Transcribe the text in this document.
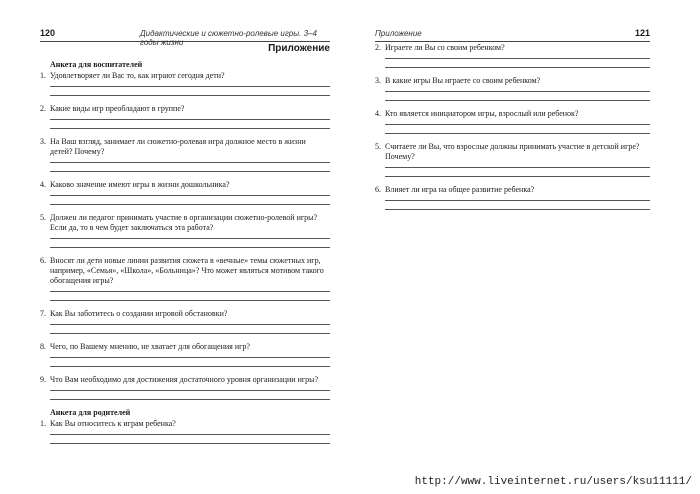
120	Дидактические и сюжетно-ролевые игры. 3–4 годы жизни
Приложение
Анкета для воспитателей
1. Удовлетворяет ли Вас то, как играют сегодня дети?
2. Какие виды игр преобладают в группе?
3. На Ваш взгляд, занимает ли сюжетно-ролевая игра должное место в жизни детей? Почему?
4. Каково значение имеют игры в жизни дошкольника?
5. Должен ли педагог принимать участие в организации сюжетно-ролевой игры? Если да, то в чем будет заключаться эта работа?
6. Вносят ли дети новые линии развития сюжета в «вечные» темы сюжетных игр, например, «Семья», «Школа», «Больница»? Что может являться мотивом такого обогащения игры?
7. Как Вы заботитесь о создании игровой обстановки?
8. Чего, по Вашему мнению, не хватает для обогащения игр?
9. Что Вам необходимо для достижения достаточного уровня организации игры?
Анкета для родителей
1. Как Вы относитесь к играм ребенка?
Приложение	121
2. Играете ли Вы со своим ребенком?
3. В какие игры Вы играете со своим ребенком?
4. Кто является инициатором игры, взрослый или ребенок?
5. Считаете ли Вы, что взрослые должны принимать участие в детской игре? Почему?
6. Влияет ли игра на общее развитие ребенка?
http://www.liveinternet.ru/users/ksu11111/
